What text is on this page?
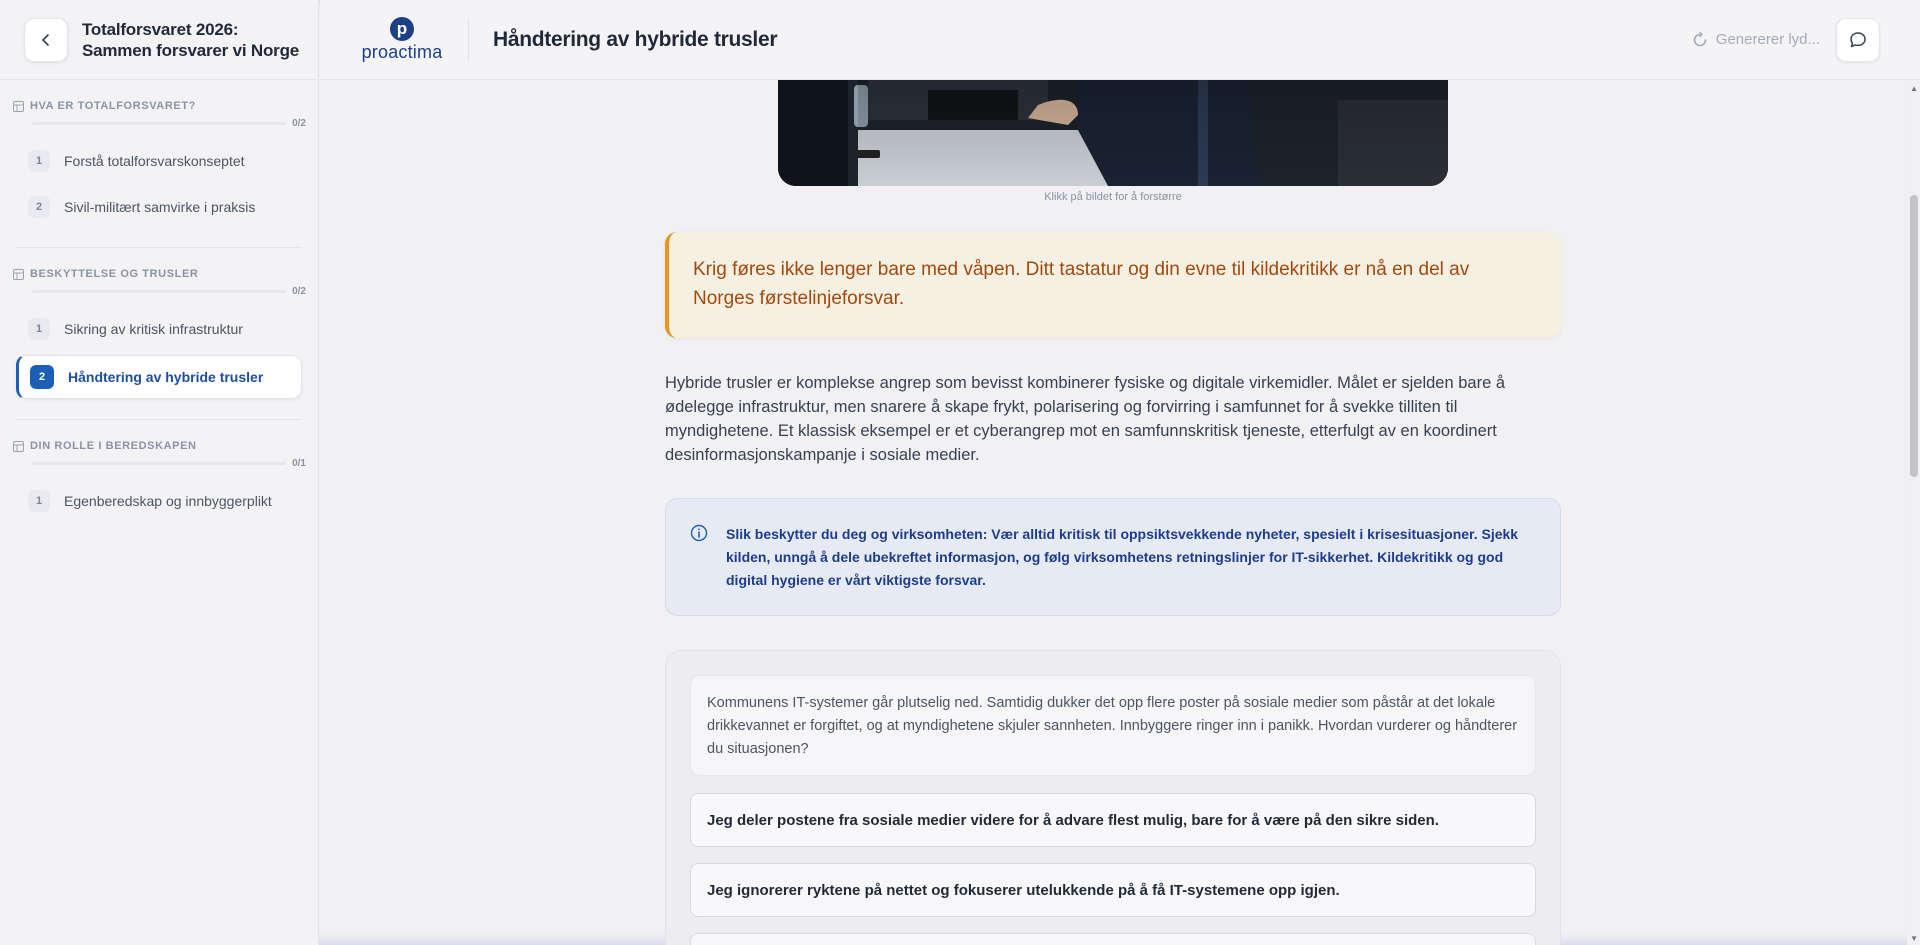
Totalforsvaret 2026: Sammen forsvarer vi Norge
HVA ER TOTALFORSVARET?
0/2
1	Forstå totalforsvarskonseptet
2	Sivil-militært samvirke i praksis
BESKYTTELSE OG TRUSLER
0/2
1	Sikring av kritisk infrastruktur
2	Håndtering av hybride trusler
DIN ROLLE I BEREDSKAPEN
0/1
1	Egenberedskap og innbyggerplikt
p
proactima
Håndtering av hybride trusler	Genererer lyd...
Klikk på bildet for å forstørre
Krig føres ikke lenger bare med våpen. Ditt tastatur og din evne til kildekritikk er nå en del av Norges førstelinjeforsvar.

Hybride trusler er komplekse angrep som bevisst kombinerer fysiske og digitale virkemidler. Målet er sjelden bare å ødelegge infrastruktur, men snarere å skape frykt, polarisering og forvirring i samfunnet for å svekke tilliten til myndighetene. Et klassisk eksempel er et cyberangrep mot en samfunnskritisk tjeneste, etterfulgt av en koordinert desinformasjonskampanje i sosiale medier.

Slik beskytter du deg og virksomheten: Vær alltid kritisk til oppsiktsvekkende nyheter, spesielt i krisesituasjoner. Sjekk kilden, unngå å dele ubekreftet informasjon, og følg virksomhetens retningslinjer for IT-sikkerhet. Kildekritikk og god digital hygiene er vårt viktigste forsvar.
Kommunens IT-systemer går plutselig ned. Samtidig dukker det opp flere poster på sosiale medier som påstår at det lokale drikkevannet er forgiftet, og at myndighetene skjuler sannheten. Innbyggere ringer inn i panikk. Hvordan vurderer og håndterer du situasjonen?
Jeg deler postene fra sosiale medier videre for å advare flest mulig, bare for å være på den sikre siden.
Jeg ignorerer ryktene på nettet og fokuserer utelukkende på å få IT-systemene opp igjen.
▲
▼
